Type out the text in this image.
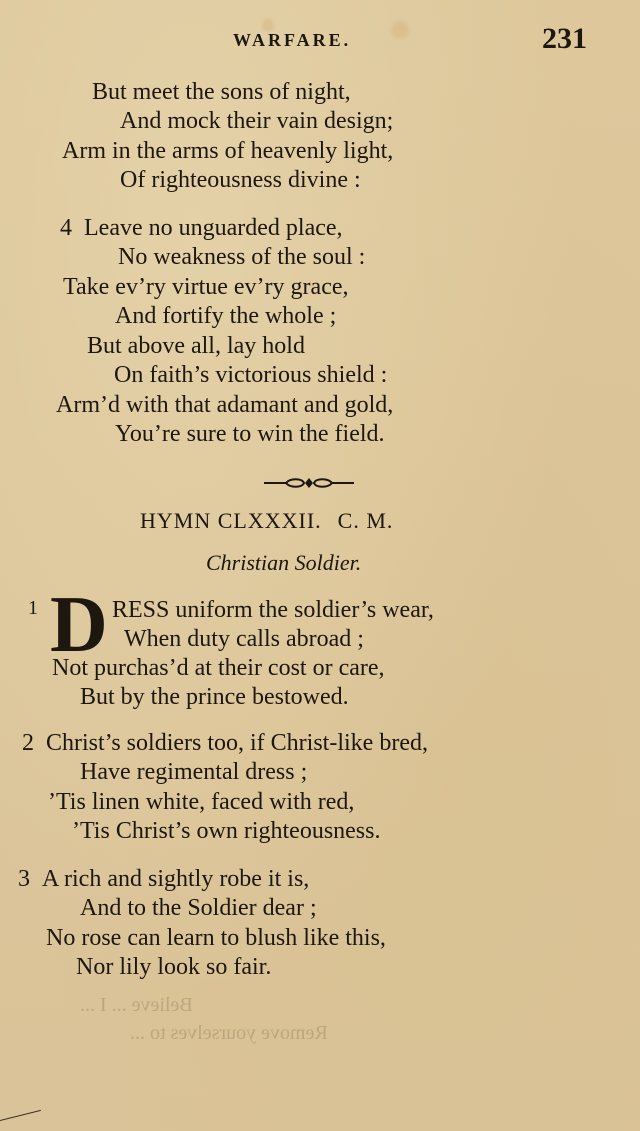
WARFARE.	231
But meet the sons of night,
And mock their vain design;
Arm in the arms of heavenly light,
Of righteousness divine :
4 Leave no unguarded place,
No weakness of the soul :
Take ev’ry virtue ev’ry grace,
And fortify the whole ;
But above all, lay hold
On faith’s victorious shield :
Arm’d with that adamant and gold,
You’re sure to win the field.
HYMN CLXXXII. C. M.
Christian Soldier.
1 D RESS uniform the soldier’s wear,
When duty calls abroad ;
Not purchas’d at their cost or care,
But by the prince bestowed.
2 Christ’s soldiers too, if Christ-like bred,
Have regimental dress ;
’Tis linen white, faced with red,
’Tis Christ’s own righteousness.
3 A rich and sightly robe it is,
And to the Soldier dear ;
No rose can learn to blush like this,
Nor lily look so fair.
Believe ... I ...
Remove yourselves to ...
